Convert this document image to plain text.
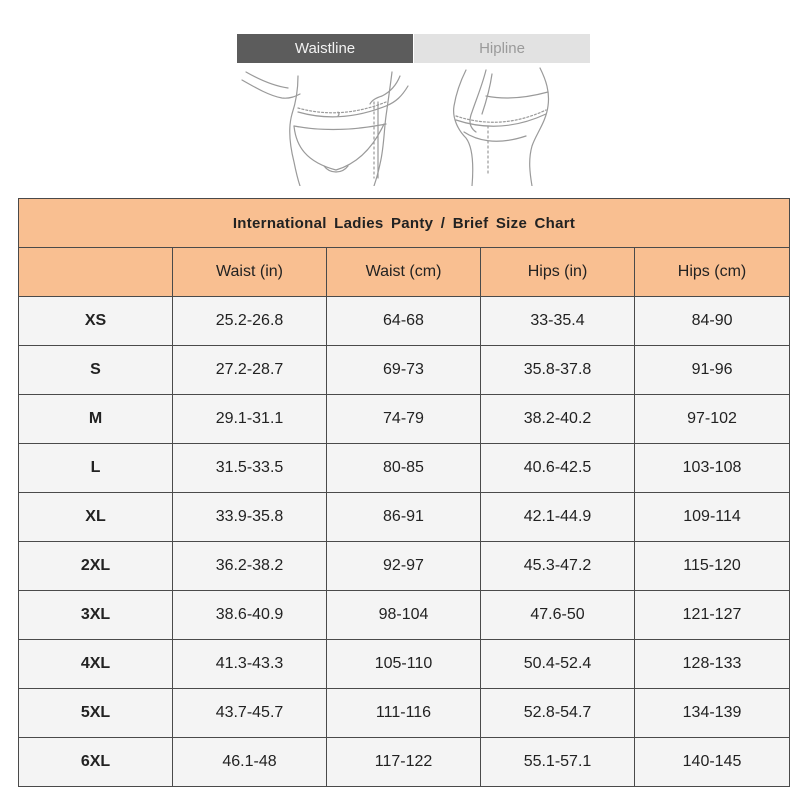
Waistline	Hipline
International Ladies Panty / Brief Size Chart				
	Waist (in)	Waist (cm)	Hips (in)	Hips (cm)
XS	25.2-26.8	64-68	33-35.4	84-90
S	27.2-28.7	69-73	35.8-37.8	91-96
M	29.1-31.1	74-79	38.2-40.2	97-102
L	31.5-33.5	80-85	40.6-42.5	103-108
XL	33.9-35.8	86-91	42.1-44.9	109-114
2XL	36.2-38.2	92-97	45.3-47.2	115-120
3XL	38.6-40.9	98-104	47.6-50	121-127
4XL	41.3-43.3	105-110	50.4-52.4	128-133
5XL	43.7-45.7	111-116	52.8-54.7	134-139
6XL	46.1-48	117-122	55.1-57.1	140-145
